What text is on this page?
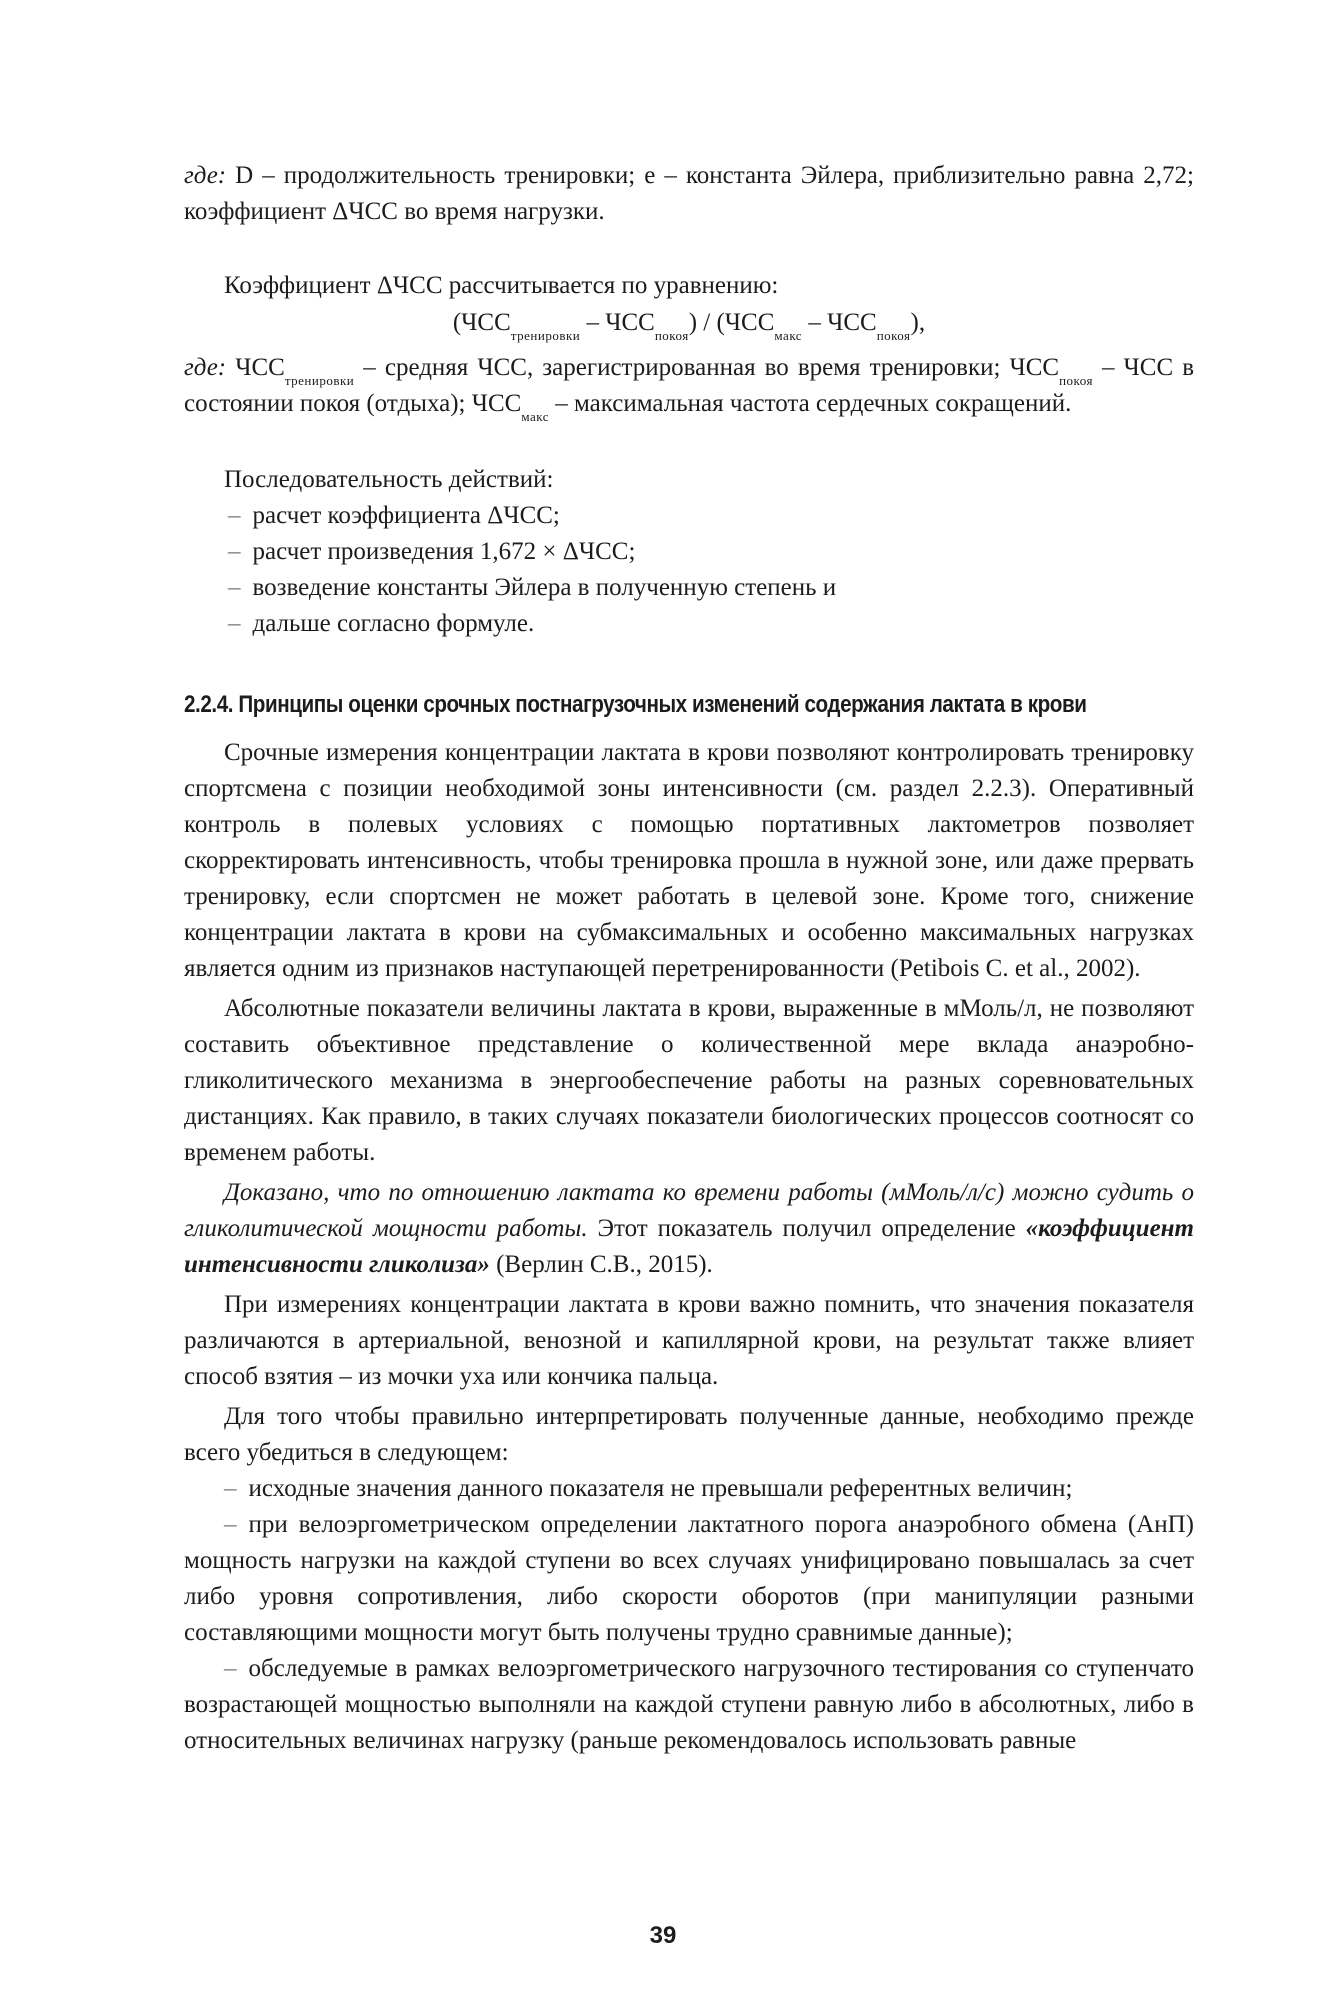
где: D – продолжительность тренировки; e – константа Эйлера, приблизительно равна 2,72; коэффициент ΔЧСС во время нагрузки.
Коэффициент ΔЧСС рассчитывается по уравнению:
$(ЧСС_{тренировки} - ЧСС_{покоя}) / (ЧСС_{макс} - ЧСС_{покоя})$,
где: $ЧСС_{тренировки}$ – средняя ЧСС, зарегистрированная во время тренировки; $ЧСС_{покоя}$ – ЧСС в состоянии покоя (отдыха); $ЧСС_{макс}$ – максимальная частота сердечных сокращений.
Последовательность действий:
– расчет коэффициента ΔЧСС;
– расчет произведения 1,672 × ΔЧСС;
– возведение константы Эйлера в полученную степень и
– дальше согласно формуле.
2.2.4. Принципы оценки срочных постнагрузочных изменений содержания лактата в крови

Срочные измерения концентрации лактата в крови позволяют контролировать тренировку спортсмена с позиции необходимой зоны интенсивности (см. раздел 2.2.3). Оперативный контроль в полевых условиях с помощью портативных лактометров позволяет скорректировать интенсивность, чтобы тренировка прошла в нужной зоне, или даже прервать тренировку, если спортсмен не может работать в целевой зоне. Кроме того, снижение концентрации лактата в крови на субмаксимальных и особенно максимальных нагрузках является одним из признаков наступающей перетренированности (Petibois C. et al., 2002).

Абсолютные показатели величины лактата в крови, выраженные в мМоль/л, не позволяют составить объективное представление о количественной мере вклада анаэробно-гликолитического механизма в энергообеспечение работы на разных соревновательных дистанциях. Как правило, в таких случаях показатели биологических процессов соотносят со временем работы.

Доказано, что по отношению лактата ко времени работы (мМоль/л/с) можно судить о гликолитической мощности работы. Этот показатель получил определение «коэффициент интенсивности гликолиза» (Верлин С.В., 2015).

При измерениях концентрации лактата в крови важно помнить, что значения показателя различаются в артериальной, венозной и капиллярной крови, на результат также влияет способ взятия – из мочки уха или кончика пальца.

Для того чтобы правильно интерпретировать полученные данные, необходимо прежде всего убедиться в следующем:

– исходные значения данного показателя не превышали референтных величин;

– при велоэргометрическом определении лактатного порога анаэробного обмена (АнП) мощность нагрузки на каждой ступени во всех случаях унифицировано повышалась за счет либо уровня сопротивления, либо скорости оборотов (при манипуляции разными составляющими мощности могут быть получены трудно сравнимые данные);

– обследуемые в рамках велоэргометрического нагрузочного тестирования со ступенчато возрастающей мощностью выполняли на каждой ступени равную либо в абсолютных, либо в относительных величинах нагрузку (раньше рекомендовалось использовать равные

39
